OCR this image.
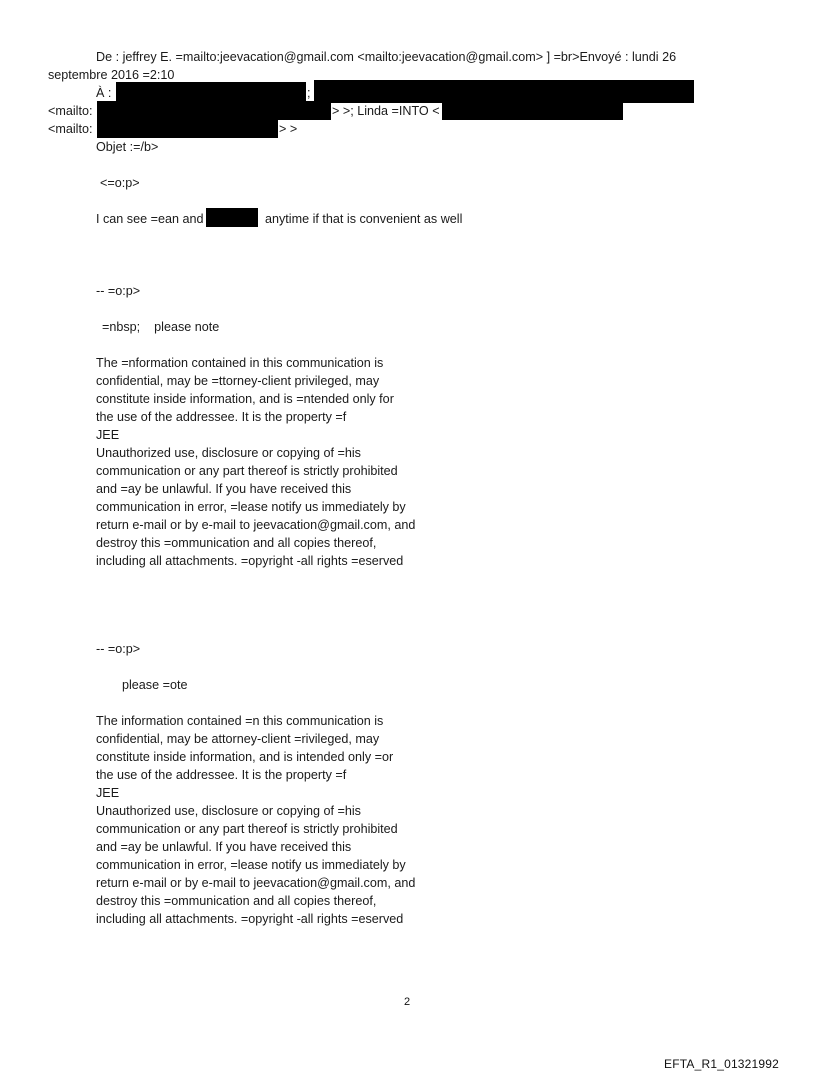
De : jeffrey E. =mailto:jeevacation@gmail.com <mailto:jeevacation@gmail.com> ] =br>Envoyé : lundi 26
septembre 2016 =2:10
À :	;
<mailto:	> >; Linda =INTO <
<mailto:	> >
Objet :=/b>
<=o:p>
I can see =ean and	anytime if that is convenient as well
-- =o:p>
=nbsp;    please note
The =nformation contained in this communication is
confidential, may be =ttorney-client privileged, may
constitute inside information, and is =ntended only for
the use of the addressee. It is the property =f
JEE
Unauthorized use, disclosure or copying of =his
communication or any part thereof is strictly prohibited
and =ay be unlawful. If you have received this
communication in error, =lease notify us immediately by
return e-mail or by e-mail to jeevacation@gmail.com, and
destroy this =ommunication and all copies thereof,
including all attachments. =opyright -all rights =eserved
-- =o:p>
please =ote
The information contained =n this communication is
confidential, may be attorney-client =rivileged, may
constitute inside information, and is intended only =or
the use of the addressee. It is the property =f
JEE
Unauthorized use, disclosure or copying of =his
communication or any part thereof is strictly prohibited
and =ay be unlawful. If you have received this
communication in error, =lease notify us immediately by
return e-mail or by e-mail to jeevacation@gmail.com, and
destroy this =ommunication and all copies thereof,
including all attachments. =opyright -all rights =eserved
2
EFTA_R1_01321992
